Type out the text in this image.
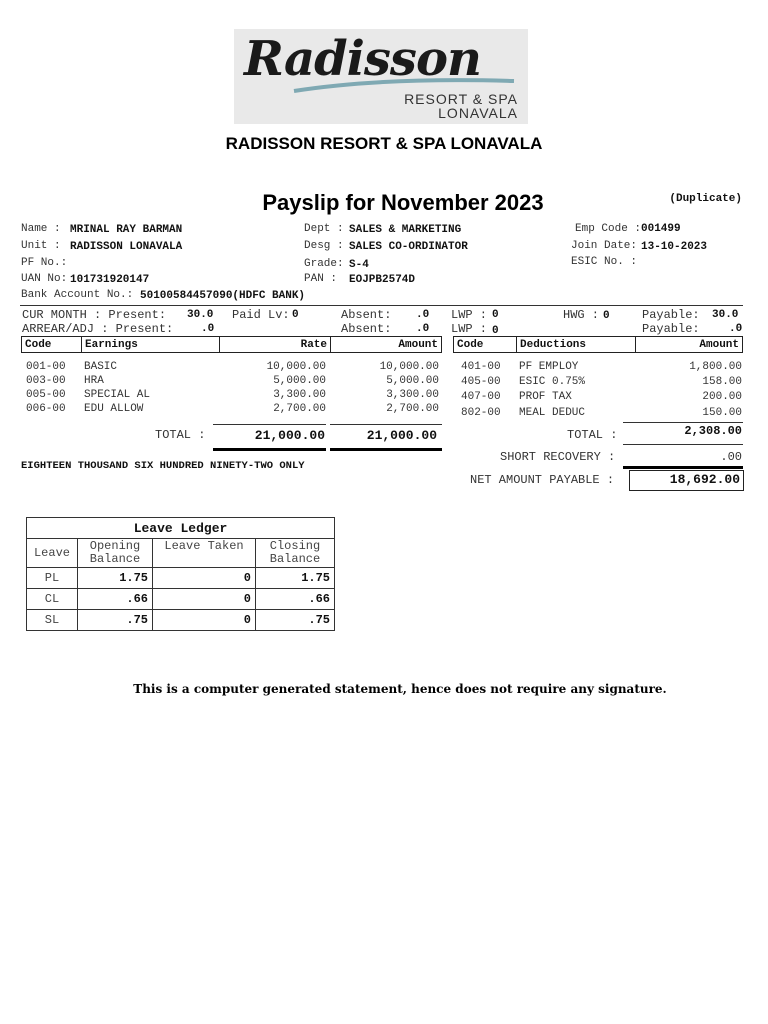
Radisson
RESORT & SPA
LONAVALA
RADISSON RESORT & SPA LONAVALA
Payslip for November 2023	(Duplicate)
Name : MRINAL RAY BARMAN
Unit : RADISSON LONAVALA
PF No.:
UAN No: 101731920147
Bank Account No.: 50100584457090(HDFC BANK)
Dept : SALES & MARKETING
Desg : SALES CO-ORDINATOR
Grade: S-4
PAN : EOJPB2574D
Emp Code : 001499
Join Date: 13-10-2023
ESIC No. :
CUR MONTH : Present: 30.0 Paid Lv: 0	Absent: .0 LWP : 0	HWG : 0	Payable: 30.0
ARREAR/ADJ : Present:	.0	Absent: .0 LWP : 0	Payable:	.0
Code	Earnings	Rate	Amount	Code	Deductions	Amount
001-00 BASIC	10,000.00	10,000.00
003-00 HRA	5,000.00	5,000.00
005-00 SPECIAL AL	3,300.00	3,300.00
006-00 EDU ALLOW	2,700.00	2,700.00
401-00 PF EMPLOY	1,800.00
405-00 ESIC 0.75%	158.00
407-00 PROF TAX	200.00
802-00 MEAL DEDUC	150.00
TOTAL :	21,000.00	21,000.00	TOTAL :	2,308.00
SHORT RECOVERY :	.00
NET AMOUNT PAYABLE :	18,692.00
EIGHTEEN THOUSAND SIX HUNDRED NINETY-TWO ONLY
Leave Ledger			
Leave	Opening Balance	Leave Taken	Closing Balance
PL	1.75	0	1.75
CL	.66	0	.66
SL	.75	0	.75
This is a computer generated statement, hence does not require any signature.
